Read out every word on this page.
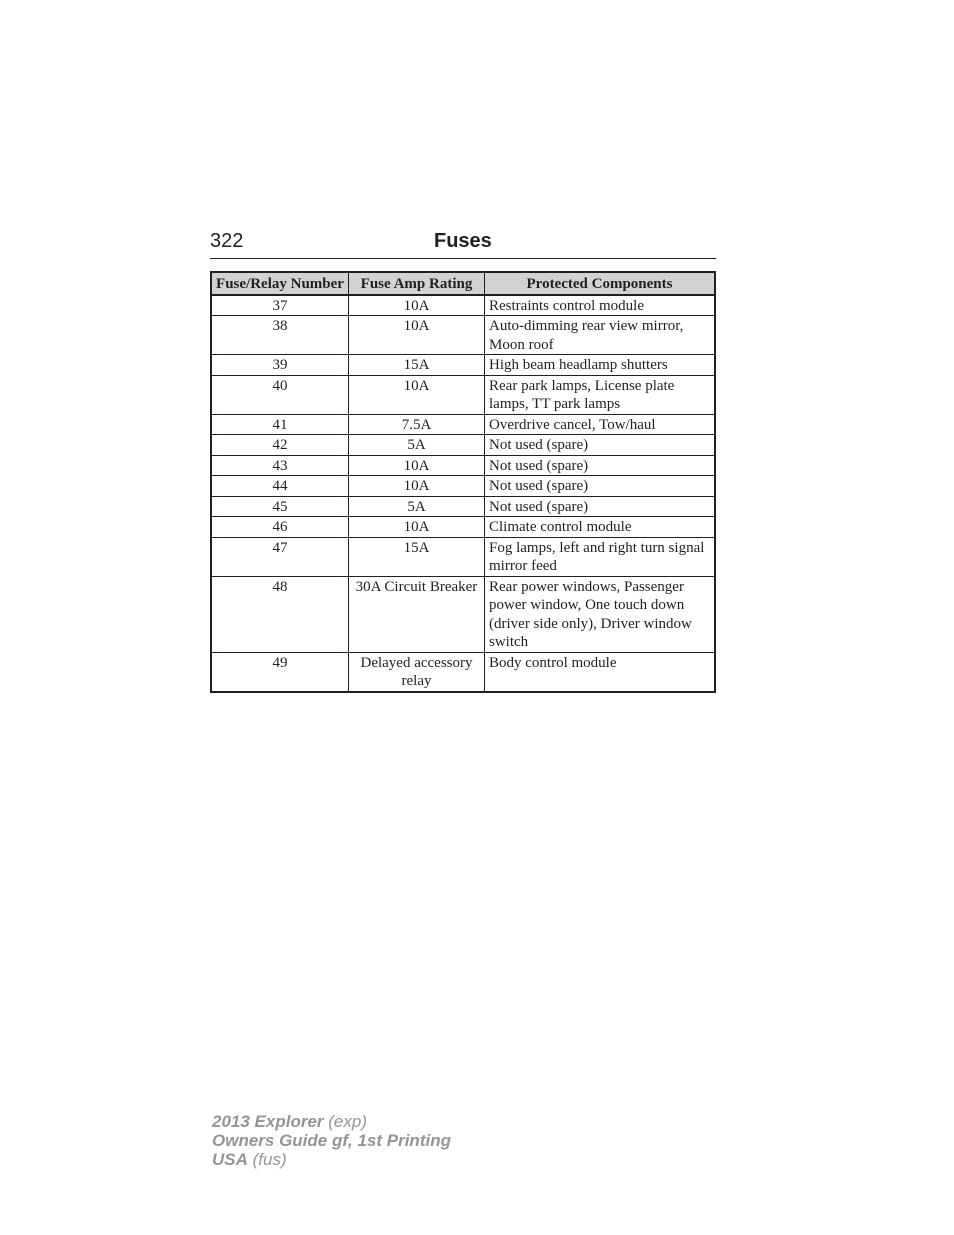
322	Fuses
Fuse/Relay Number	Fuse Amp Rating	Protected Components
37	10A	Restraints control module
38	10A	Auto-dimming rear view mirror, Moon roof
39	15A	High beam headlamp shutters
40	10A	Rear park lamps, License plate lamps, TT park lamps
41	7.5A	Overdrive cancel, Tow/haul
42	5A	Not used (spare)
43	10A	Not used (spare)
44	10A	Not used (spare)
45	5A	Not used (spare)
46	10A	Climate control module
47	15A	Fog lamps, left and right turn signal mirror feed
48	30A Circuit Breaker	Rear power windows, Passenger power window, One touch down (driver side only), Driver window switch
49	Delayed accessory relay	Body control module
2013 Explorer (exp)
Owners Guide gf, 1st Printing
USA (fus)
